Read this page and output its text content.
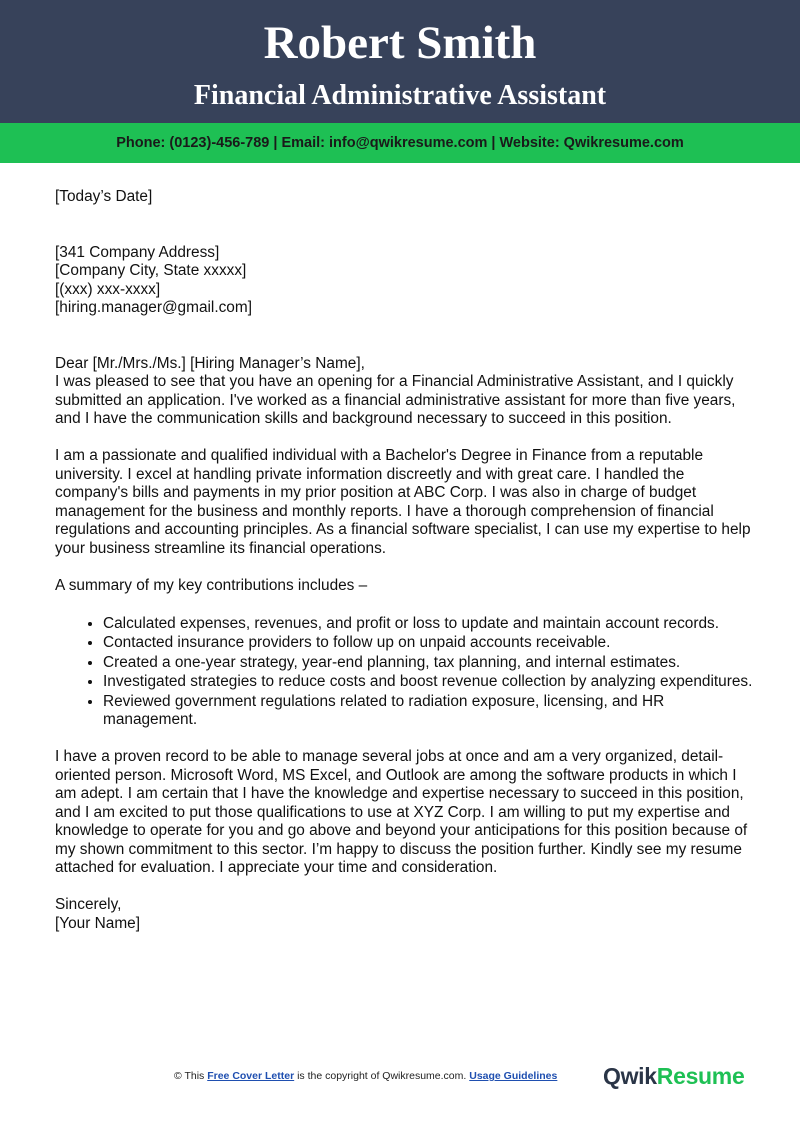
Robert Smith
Financial Administrative Assistant
Phone: (0123)-456-789 | Email: info@qwikresume.com | Website: Qwikresume.com

[Today’s Date]

[341 Company Address]

[Company City, State xxxxx]

[(xxx) xxx-xxxx]

[hiring.manager@gmail.com]

Dear [Mr./Mrs./Ms.] [Hiring Manager’s Name],

I was pleased to see that you have an opening for a Financial Administrative Assistant, and I quickly submitted an application. I've worked as a financial administrative assistant for more than five years, and I have the communication skills and background necessary to succeed in this position.

I am a passionate and qualified individual with a Bachelor's Degree in Finance from a reputable university. I excel at handling private information discreetly and with great care. I handled the company's bills and payments in my prior position at ABC Corp. I was also in charge of budget management for the business and monthly reports. I have a thorough comprehension of financial regulations and accounting principles. As a financial software specialist, I can use my expertise to help your business streamline its financial operations.

A summary of my key contributions includes –

• Calculated expenses, revenues, and profit or loss to update and maintain account records.
• Contacted insurance providers to follow up on unpaid accounts receivable.
• Created a one-year strategy, year-end planning, tax planning, and internal estimates.
• Investigated strategies to reduce costs and boost revenue collection by analyzing expenditures.
• Reviewed government regulations related to radiation exposure, licensing, and HR management.

I have a proven record to be able to manage several jobs at once and am a very organized, detail-oriented person. Microsoft Word, MS Excel, and Outlook are among the software products in which I am adept. I am certain that I have the knowledge and expertise necessary to succeed in this position, and I am excited to put those qualifications to use at XYZ Corp. I am willing to put my expertise and knowledge to operate for you and go above and beyond your anticipations for this position because of my shown commitment to this sector. I’m happy to discuss the position further. Kindly see my resume attached for evaluation. I appreciate your time and consideration.

Sincerely,

[Your Name]

© This Free Cover Letter is the copyright of Qwikresume.com. Usage Guidelines QwikResume
